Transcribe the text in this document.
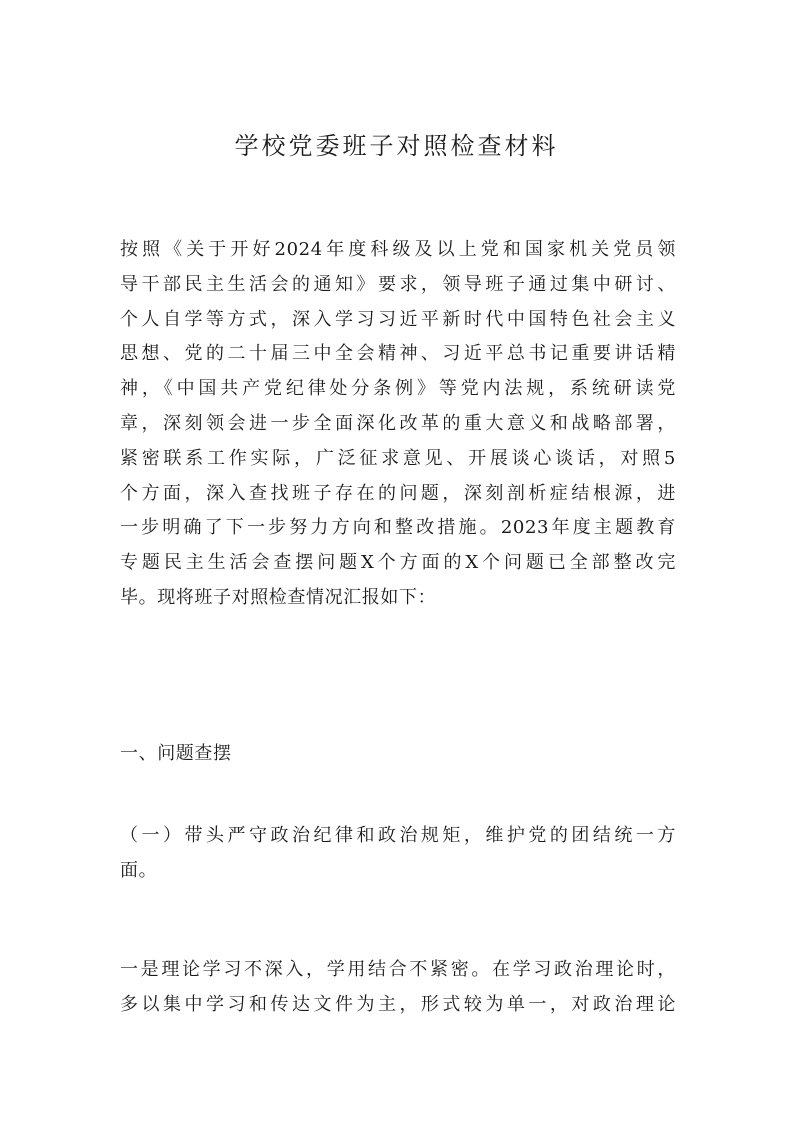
学校党委班子对照检查材料
按照《关于开好2024年度科级及以上党和国家机关党员领
导干部民主生活会的通知》要求，领导班子通过集中研讨、
个人自学等方式，深入学习习近平新时代中国特色社会主义
思想、党的二十届三中全会精神、习近平总书记重要讲话精
神，《中国共产党纪律处分条例》等党内法规，系统研读党
章，深刻领会进一步全面深化改革的重大意义和战略部署，
紧密联系工作实际，广泛征求意见、开展谈心谈话，对照5
个方面，深入查找班子存在的问题，深刻剖析症结根源，进
一步明确了下一步努力方向和整改措施。2023年度主题教育
专题民主生活会查摆问题X个方面的X个问题已全部整改完
毕。现将班子对照检查情况汇报如下：
一、问题查摆
（一）带头严守政治纪律和政治规矩，维护党的团结统一方
面。
一是理论学习不深入，学用结合不紧密。在学习政治理论时，
多以集中学习和传达文件为主，形式较为单一，对政治理论
